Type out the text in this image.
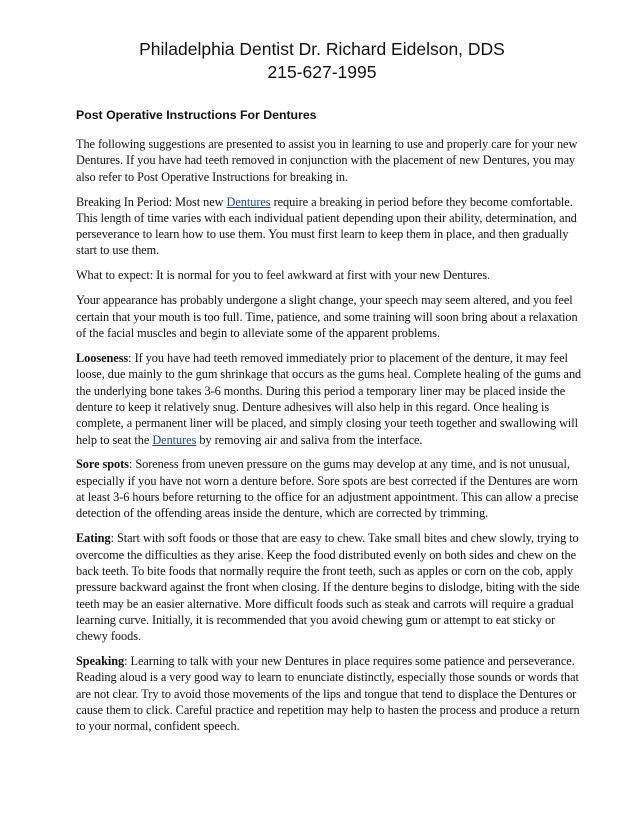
Philadelphia Dentist Dr. Richard Eidelson, DDS
215-627-1995
Post Operative Instructions For Dentures

The following suggestions are presented to assist you in learning to use and properly care for your new Dentures. If you have had teeth removed in conjunction with the placement of new Dentures, you may also refer to Post Operative Instructions for breaking in.

Breaking In Period: Most new Dentures require a breaking in period before they become comfortable. This length of time varies with each individual patient depending upon their ability, determination, and perseverance to learn how to use them. You must first learn to keep them in place, and then gradually start to use them.

What to expect: It is normal for you to feel awkward at first with your new Dentures.

Your appearance has probably undergone a slight change, your speech may seem altered, and you feel certain that your mouth is too full. Time, patience, and some training will soon bring about a relaxation of the facial muscles and begin to alleviate some of the apparent problems.

Looseness: If you have had teeth removed immediately prior to placement of the denture, it may feel loose, due mainly to the gum shrinkage that occurs as the gums heal. Complete healing of the gums and the underlying bone takes 3-6 months. During this period a temporary liner may be placed inside the denture to keep it relatively snug. Denture adhesives will also help in this regard. Once healing is complete, a permanent liner will be placed, and simply closing your teeth together and swallowing will help to seat the Dentures by removing air and saliva from the interface.

Sore spots: Soreness from uneven pressure on the gums may develop at any time, and is not unusual, especially if you have not worn a denture before. Sore spots are best corrected if the Dentures are worn at least 3-6 hours before returning to the office for an adjustment appointment. This can allow a precise detection of the offending areas inside the denture, which are corrected by trimming.

Eating: Start with soft foods or those that are easy to chew. Take small bites and chew slowly, trying to overcome the difficulties as they arise. Keep the food distributed evenly on both sides and chew on the back teeth. To bite foods that normally require the front teeth, such as apples or corn on the cob, apply pressure backward against the front when closing. If the denture begins to dislodge, biting with the side teeth may be an easier alternative. More difficult foods such as steak and carrots will require a gradual learning curve. Initially, it is recommended that you avoid chewing gum or attempt to eat sticky or chewy foods.

Speaking: Learning to talk with your new Dentures in place requires some patience and perseverance. Reading aloud is a very good way to learn to enunciate distinctly, especially those sounds or words that are not clear. Try to avoid those movements of the lips and tongue that tend to displace the Dentures or cause them to click. Careful practice and repetition may help to hasten the process and produce a return to your normal, confident speech.
